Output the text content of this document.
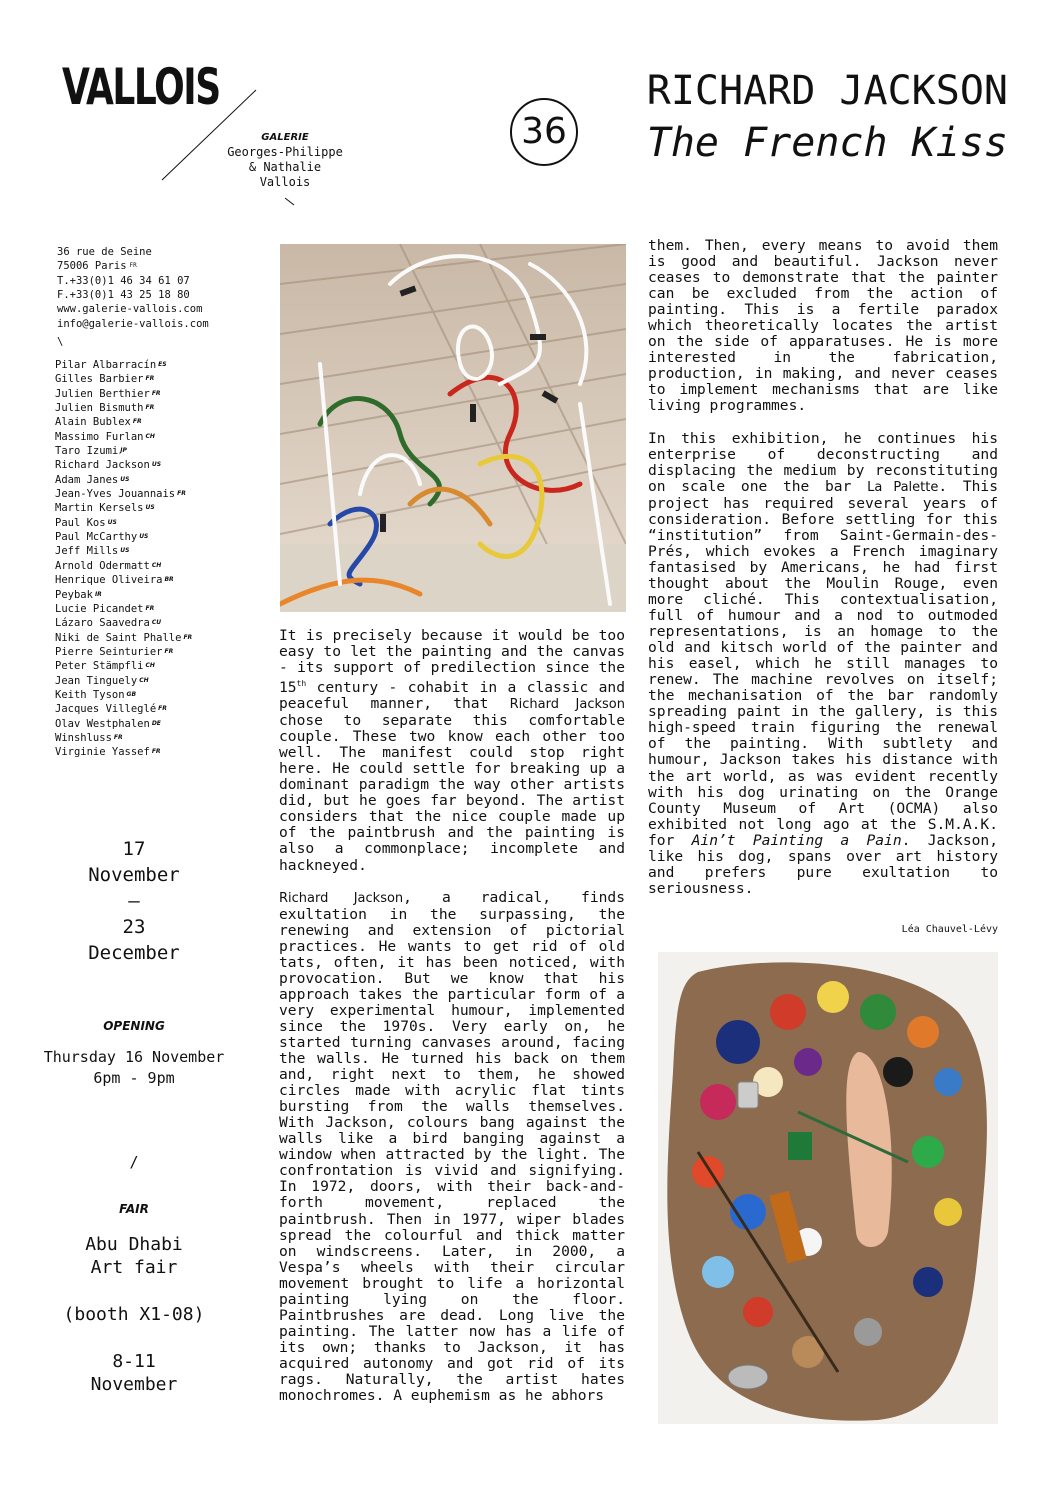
VALLOIS
GALERIE
Georges-Philippe
& Nathalie
Vallois
36
RICHARD JACKSON
The French Kiss
36 rue de Seine
75006 Paris FR
T.+33(0)1 46 34 61 07
F.+33(0)1 43 25 18 80
www.galerie-vallois.com
info@galerie-vallois.com
\
Pilar Albarracín $^{ES}$
Gilles Barbier $^{FR}$
Julien Berthier $^{FR}$
Julien Bismuth $^{FR}$
Alain Bublex $^{FR}$
Massimo Furlan $^{CH}$
Taro Izumi $^{JP}$
Richard Jackson $^{US}$
Adam Janes $^{US}$
Jean-Yves Jouannais $^{FR}$
Martin Kersels $^{US}$
Paul Kos $^{US}$
Paul McCarthy $^{US}$
Jeff Mills $^{US}$
Arnold Odermatt $^{CH}$
Henrique Oliveira $^{BR}$
Peybak $^{IR}$
Lucie Picandet $^{FR}$
Lázaro Saavedra $^{CU}$
Niki de Saint Phalle $^{FR}$
Pierre Seinturier $^{FR}$
Peter Stämpfli $^{CH}$
Jean Tinguely $^{CH}$
Keith Tyson $^{GB}$
Jacques Villeglé $^{FR}$
Olav Westphalen $^{DE}$
Winshluss $^{FR}$
Virginie Yassef $^{FR}$
17
November
–
23
December
OPENING
Thursday 16 November
6pm - 9pm
/
FAIR
Abu Dhabi
Art fair
(booth X1-08)
8-11
November

It is precisely because it would be too easy to let the painting and the canvas - its support of predilection since the 15th century - cohabit in a classic and peaceful manner, that Richard Jackson chose to separate this comfortable couple. These two know each other too well. The manifest could stop right here. He could settle for breaking up a dominant paradigm the way other artists did, but he goes far beyond. The artist considers that the nice couple made up of the paintbrush and the painting is also a commonplace; incomplete and hackneyed.

Richard Jackson, a radical, finds exultation in the surpassing, the renewing and extension of pictorial practices. He wants to get rid of old tats, often, it has been noticed, with provocation. But we know that his approach takes the particular form of a very experimental humour, implemented since the 1970s. Very early on, he started turning canvases around, facing the walls. He turned his back on them and, right next to them, he showed circles made with acrylic flat tints bursting from the walls themselves. With Jackson, colours bang against the walls like a bird banging against a window when attracted by the light. The confrontation is vivid and signifying. In 1972, doors, with their back-and-forth movement, replaced the paintbrush. Then in 1977, wiper blades spread the colourful and thick matter on windscreens. Later, in 2000, a Vespa’s wheels with their circular movement brought to life a horizontal painting lying on the floor. Paintbrushes are dead. Long live the painting. The latter now has a life of its own; thanks to Jackson, it has acquired autonomy and got rid of its rags. Naturally, the artist hates monochromes. A euphemism as he abhors

them. Then, every means to avoid them is good and beautiful. Jackson never ceases to demonstrate that the painter can be excluded from the action of painting. This is a fertile paradox which theoretically locates the artist on the side of apparatuses. He is more interested in the fabrication, production, in making, and never ceases to implement mechanisms that are like living programmes.

In this exhibition, he continues his enterprise of deconstructing and displacing the medium by reconstituting on scale one the bar La Palette. This project has required several years of consideration. Before settling for this “institution” from Saint-Germain-des-Prés, which evokes a French imaginary fantasised by Americans, he had first thought about the Moulin Rouge, even more cliché. This contextualisation, full of humour and a nod to outmoded representations, is an homage to the old and kitsch world of the painter and his easel, which he still manages to renew. The machine revolves on itself; the mechanisation of the bar randomly spreading paint in the gallery, is this high-speed train figuring the renewal of the painting. With subtlety and humour, Jackson takes his distance with the art world, as was evident recently with his dog urinating on the Orange County Museum of Art (OCMA) also exhibited not long ago at the S.M.A.K. for Ain’t Painting a Pain. Jackson, like his dog, spans over art history and prefers pure exultation to seriousness.

Léa Chauvel-Lévy
